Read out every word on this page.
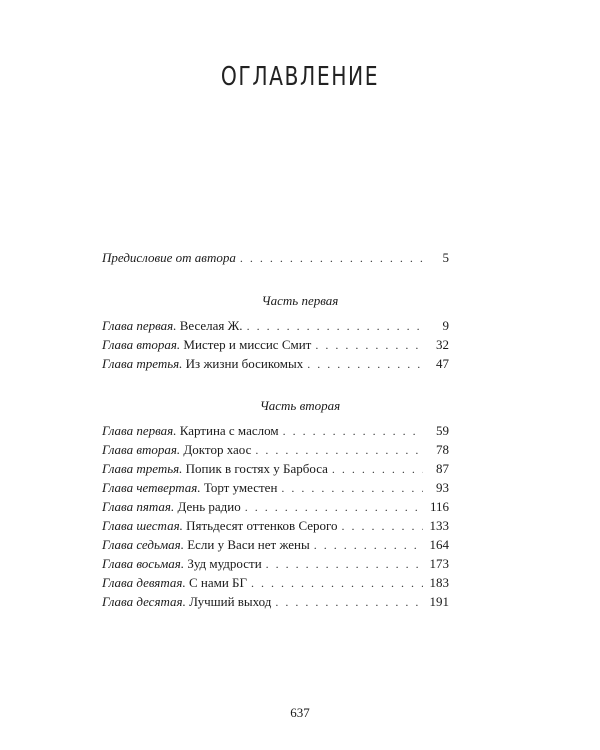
ОГЛАВЛЕНИЕ
Предисловие от автора . . .	5
Часть первая
Глава первая. Веселая Ж. . . .	9
Глава вторая. Мистер и миссис Смит . . .	32
Глава третья. Из жизни босикомых . . .	47
Часть вторая
Глава первая. Картина с маслом . . .	59
Глава вторая. Доктор хаос . . .	78
Глава третья. Попик в гостях у Барбоса . . .	87
Глава четвертая. Торт уместен . . .	93
Глава пятая. День радио . . .	116
Глава шестая. Пятьдесят оттенков Серого . . .	133
Глава седьмая. Если у Васи нет жены . . .	164
Глава восьмая. Зуд мудрости . . .	173
Глава девятая. С нами БГ . . .	183
Глава десятая. Лучший выход . . .	191
637
